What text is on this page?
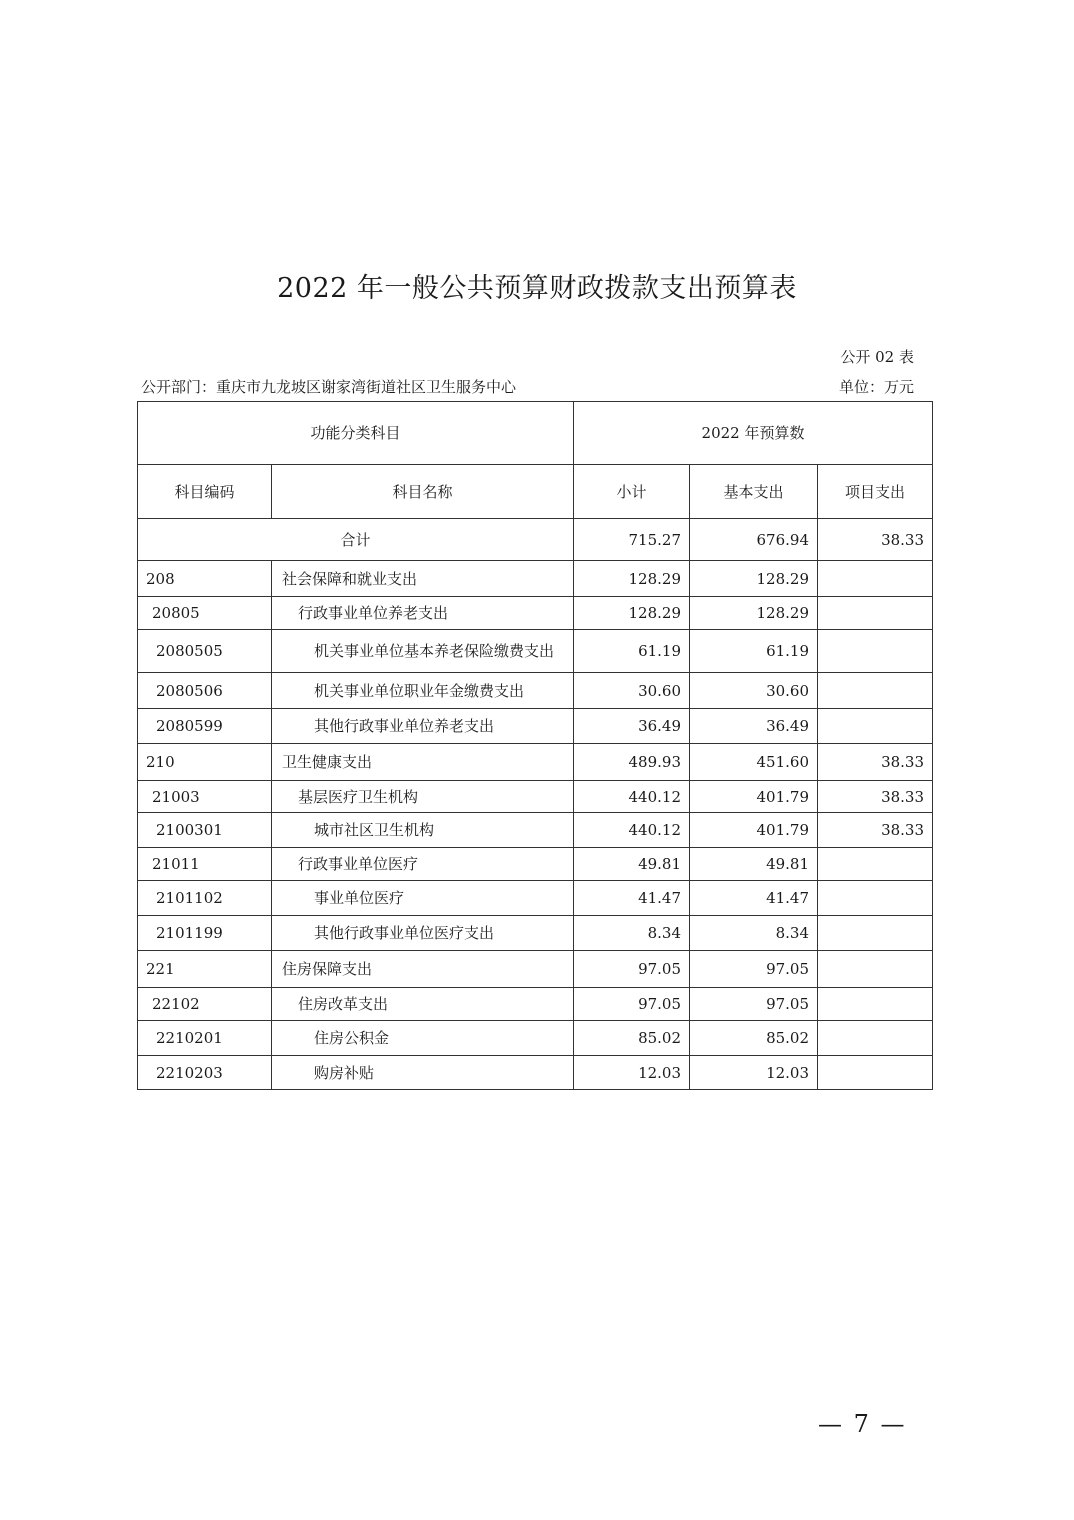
2022 年一般公共预算财政拨款支出预算表
公开 02 表
公开部门：重庆市九龙坡区谢家湾街道社区卫生服务中心	单位：万元
功能分类科目		2022 年预算数		
科目编码	科目名称	小计	基本支出	项目支出
合计		715.27	676.94	38.33
208	社会保障和就业支出	128.29	128.29	
20805	行政事业单位养老支出	128.29	128.29	
2080505	机关事业单位基本养老保险缴费支出	61.19	61.19	
2080506	机关事业单位职业年金缴费支出	30.60	30.60	
2080599	其他行政事业单位养老支出	36.49	36.49	
210	卫生健康支出	489.93	451.60	38.33
21003	基层医疗卫生机构	440.12	401.79	38.33
2100301	城市社区卫生机构	440.12	401.79	38.33
21011	行政事业单位医疗	49.81	49.81	
2101102	事业单位医疗	41.47	41.47	
2101199	其他行政事业单位医疗支出	8.34	8.34	
221	住房保障支出	97.05	97.05	
22102	住房改革支出	97.05	97.05	
2210201	住房公积金	85.02	85.02	
2210203	购房补贴	12.03	12.03	
— 7 —
